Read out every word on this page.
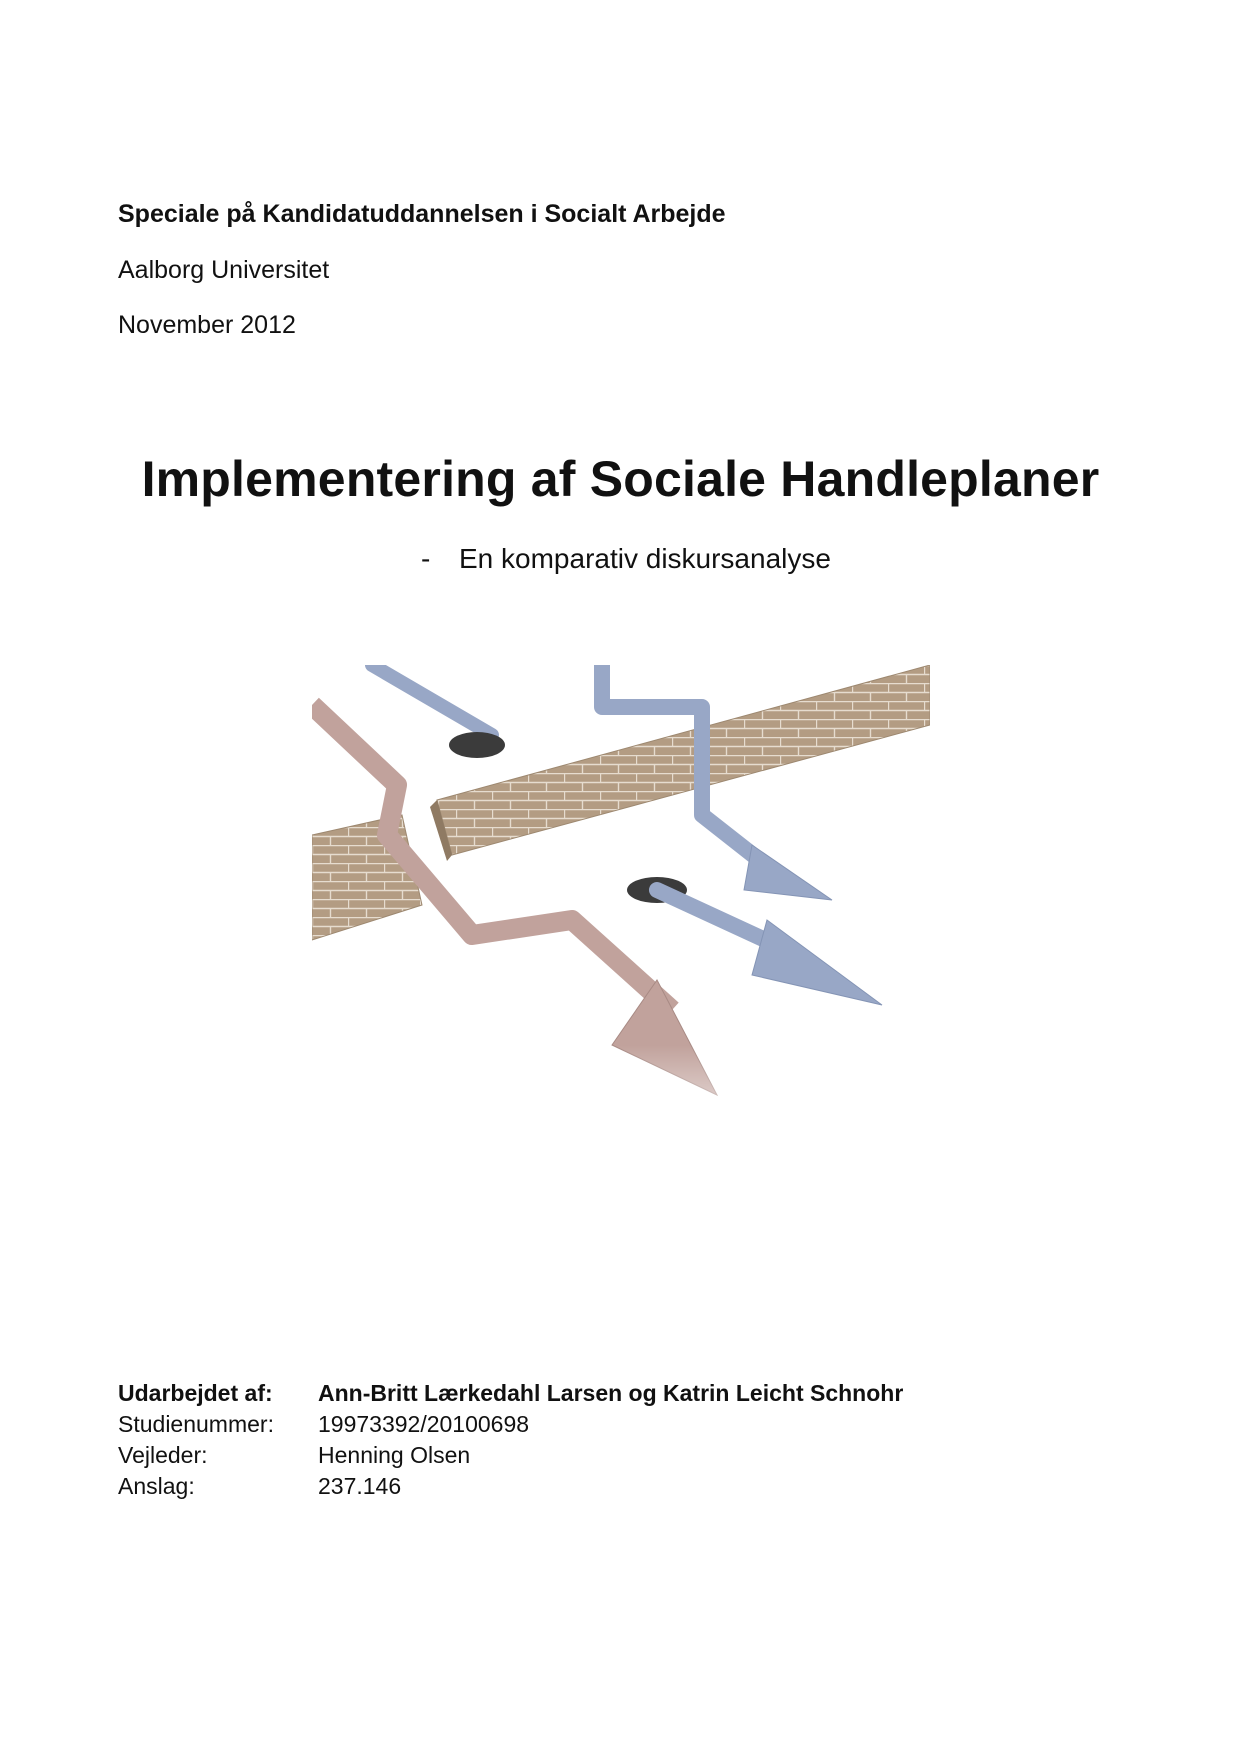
Speciale på Kandidatuddannelsen i Socialt Arbejde
Aalborg Universitet
November 2012
Implementering af Sociale Handleplaner
- En komparativ diskursanalyse
Udarbejdet af: Ann-Britt Lærkedahl Larsen og Katrin Leicht Schnohr
Studienummer: 19973392/20100698
Vejleder:	Henning Olsen
Anslag:	237.146
